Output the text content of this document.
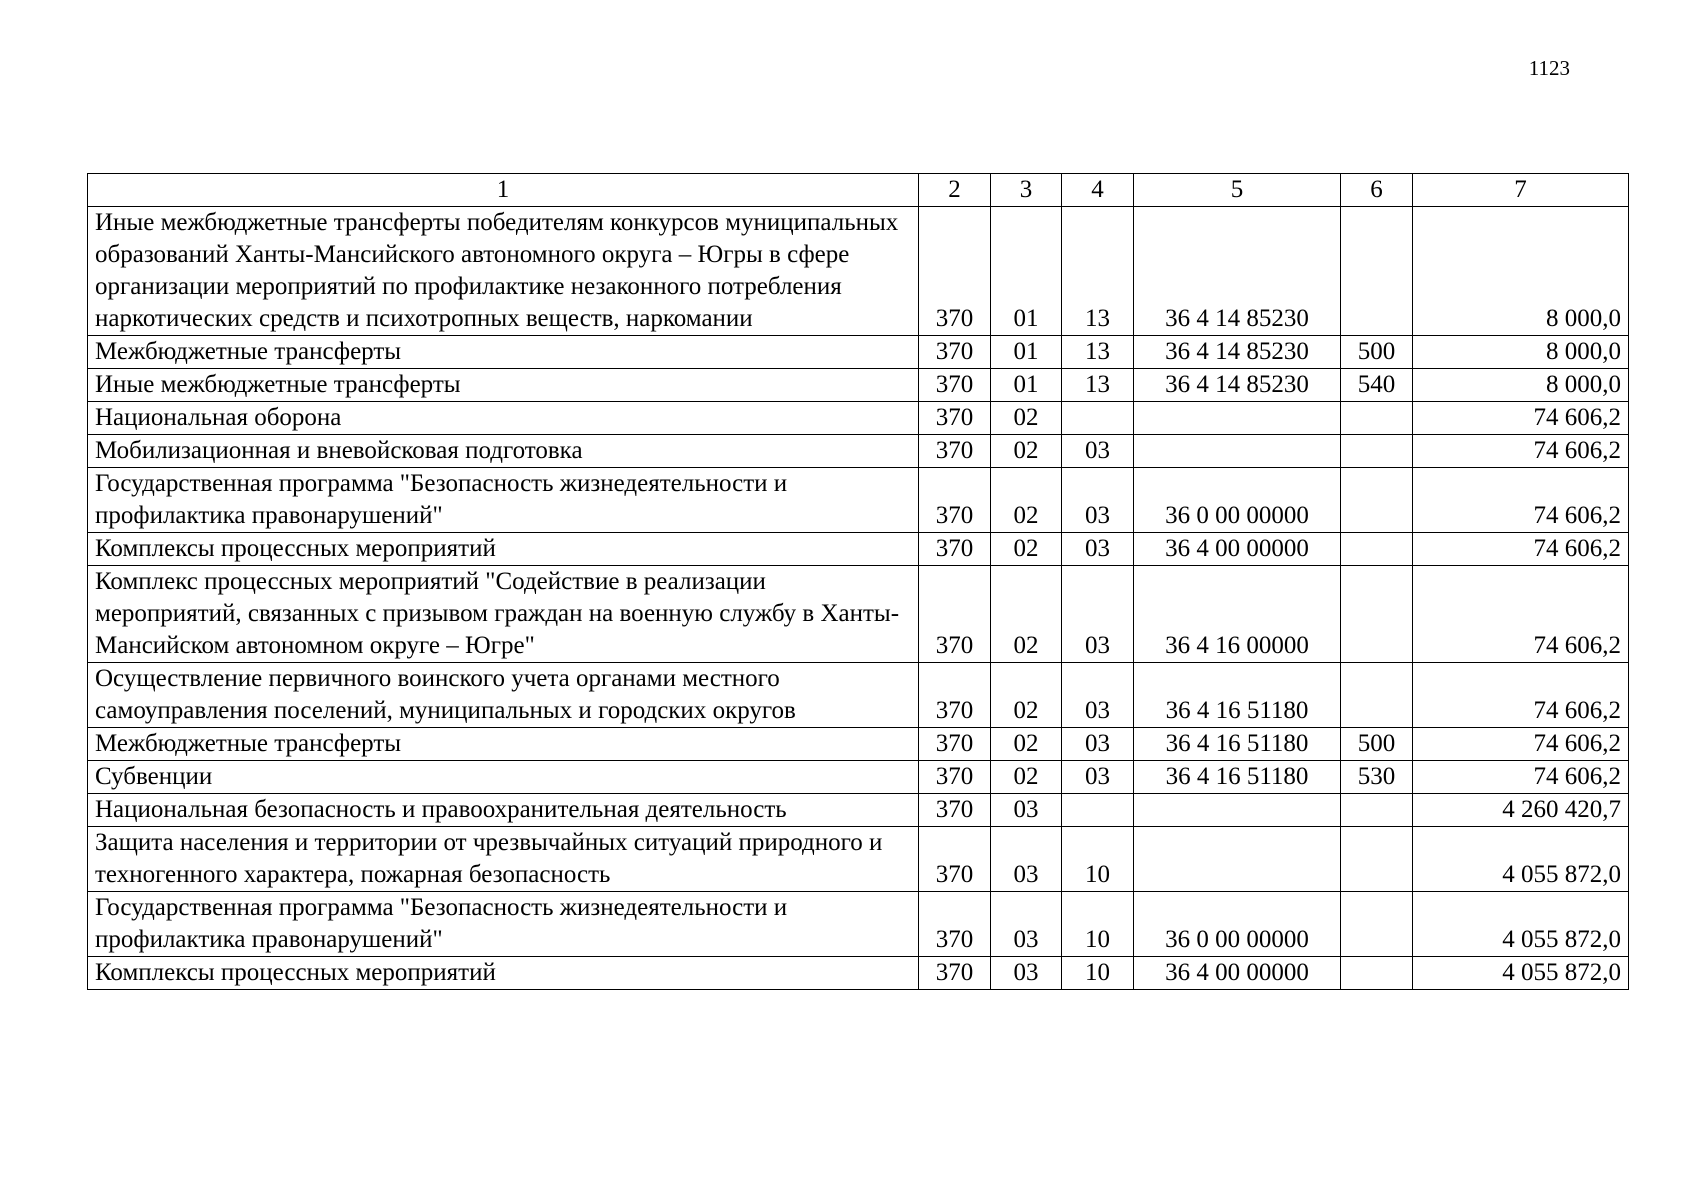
1123
1	2	3	4	5	6	7
Иные межбюджетные трансферты победителям конкурсов муниципальных образований Ханты-Мансийского автономного округа – Югры в сфере организации мероприятий по профилактике незаконного потребления наркотических средств и психотропных веществ, наркомании	370	01	13	36 4 14 85230		8 000,0
Межбюджетные трансферты	370	01	13	36 4 14 85230	500	8 000,0
Иные межбюджетные трансферты	370	01	13	36 4 14 85230	540	8 000,0
Национальная оборона	370	02				74 606,2
Мобилизационная и вневойсковая подготовка	370	02	03			74 606,2
Государственная программа "Безопасность жизнедеятельности и профилактика правонарушений"	370	02	03	36 0 00 00000		74 606,2
Комплексы процессных мероприятий	370	02	03	36 4 00 00000		74 606,2
Комплекс процессных мероприятий "Содействие в реализации мероприятий, связанных с призывом граждан на военную службу в Ханты-Мансийском автономном округе – Югре"	370	02	03	36 4 16 00000		74 606,2
Осуществление первичного воинского учета органами местного самоуправления поселений, муниципальных и городских округов	370	02	03	36 4 16 51180		74 606,2
Межбюджетные трансферты	370	02	03	36 4 16 51180	500	74 606,2
Субвенции	370	02	03	36 4 16 51180	530	74 606,2
Национальная безопасность и правоохранительная деятельность	370	03				4 260 420,7
Защита населения и территории от чрезвычайных ситуаций природного и техногенного характера, пожарная безопасность	370	03	10			4 055 872,0
Государственная программа "Безопасность жизнедеятельности и профилактика правонарушений"	370	03	10	36 0 00 00000		4 055 872,0
Комплексы процессных мероприятий	370	03	10	36 4 00 00000		4 055 872,0
